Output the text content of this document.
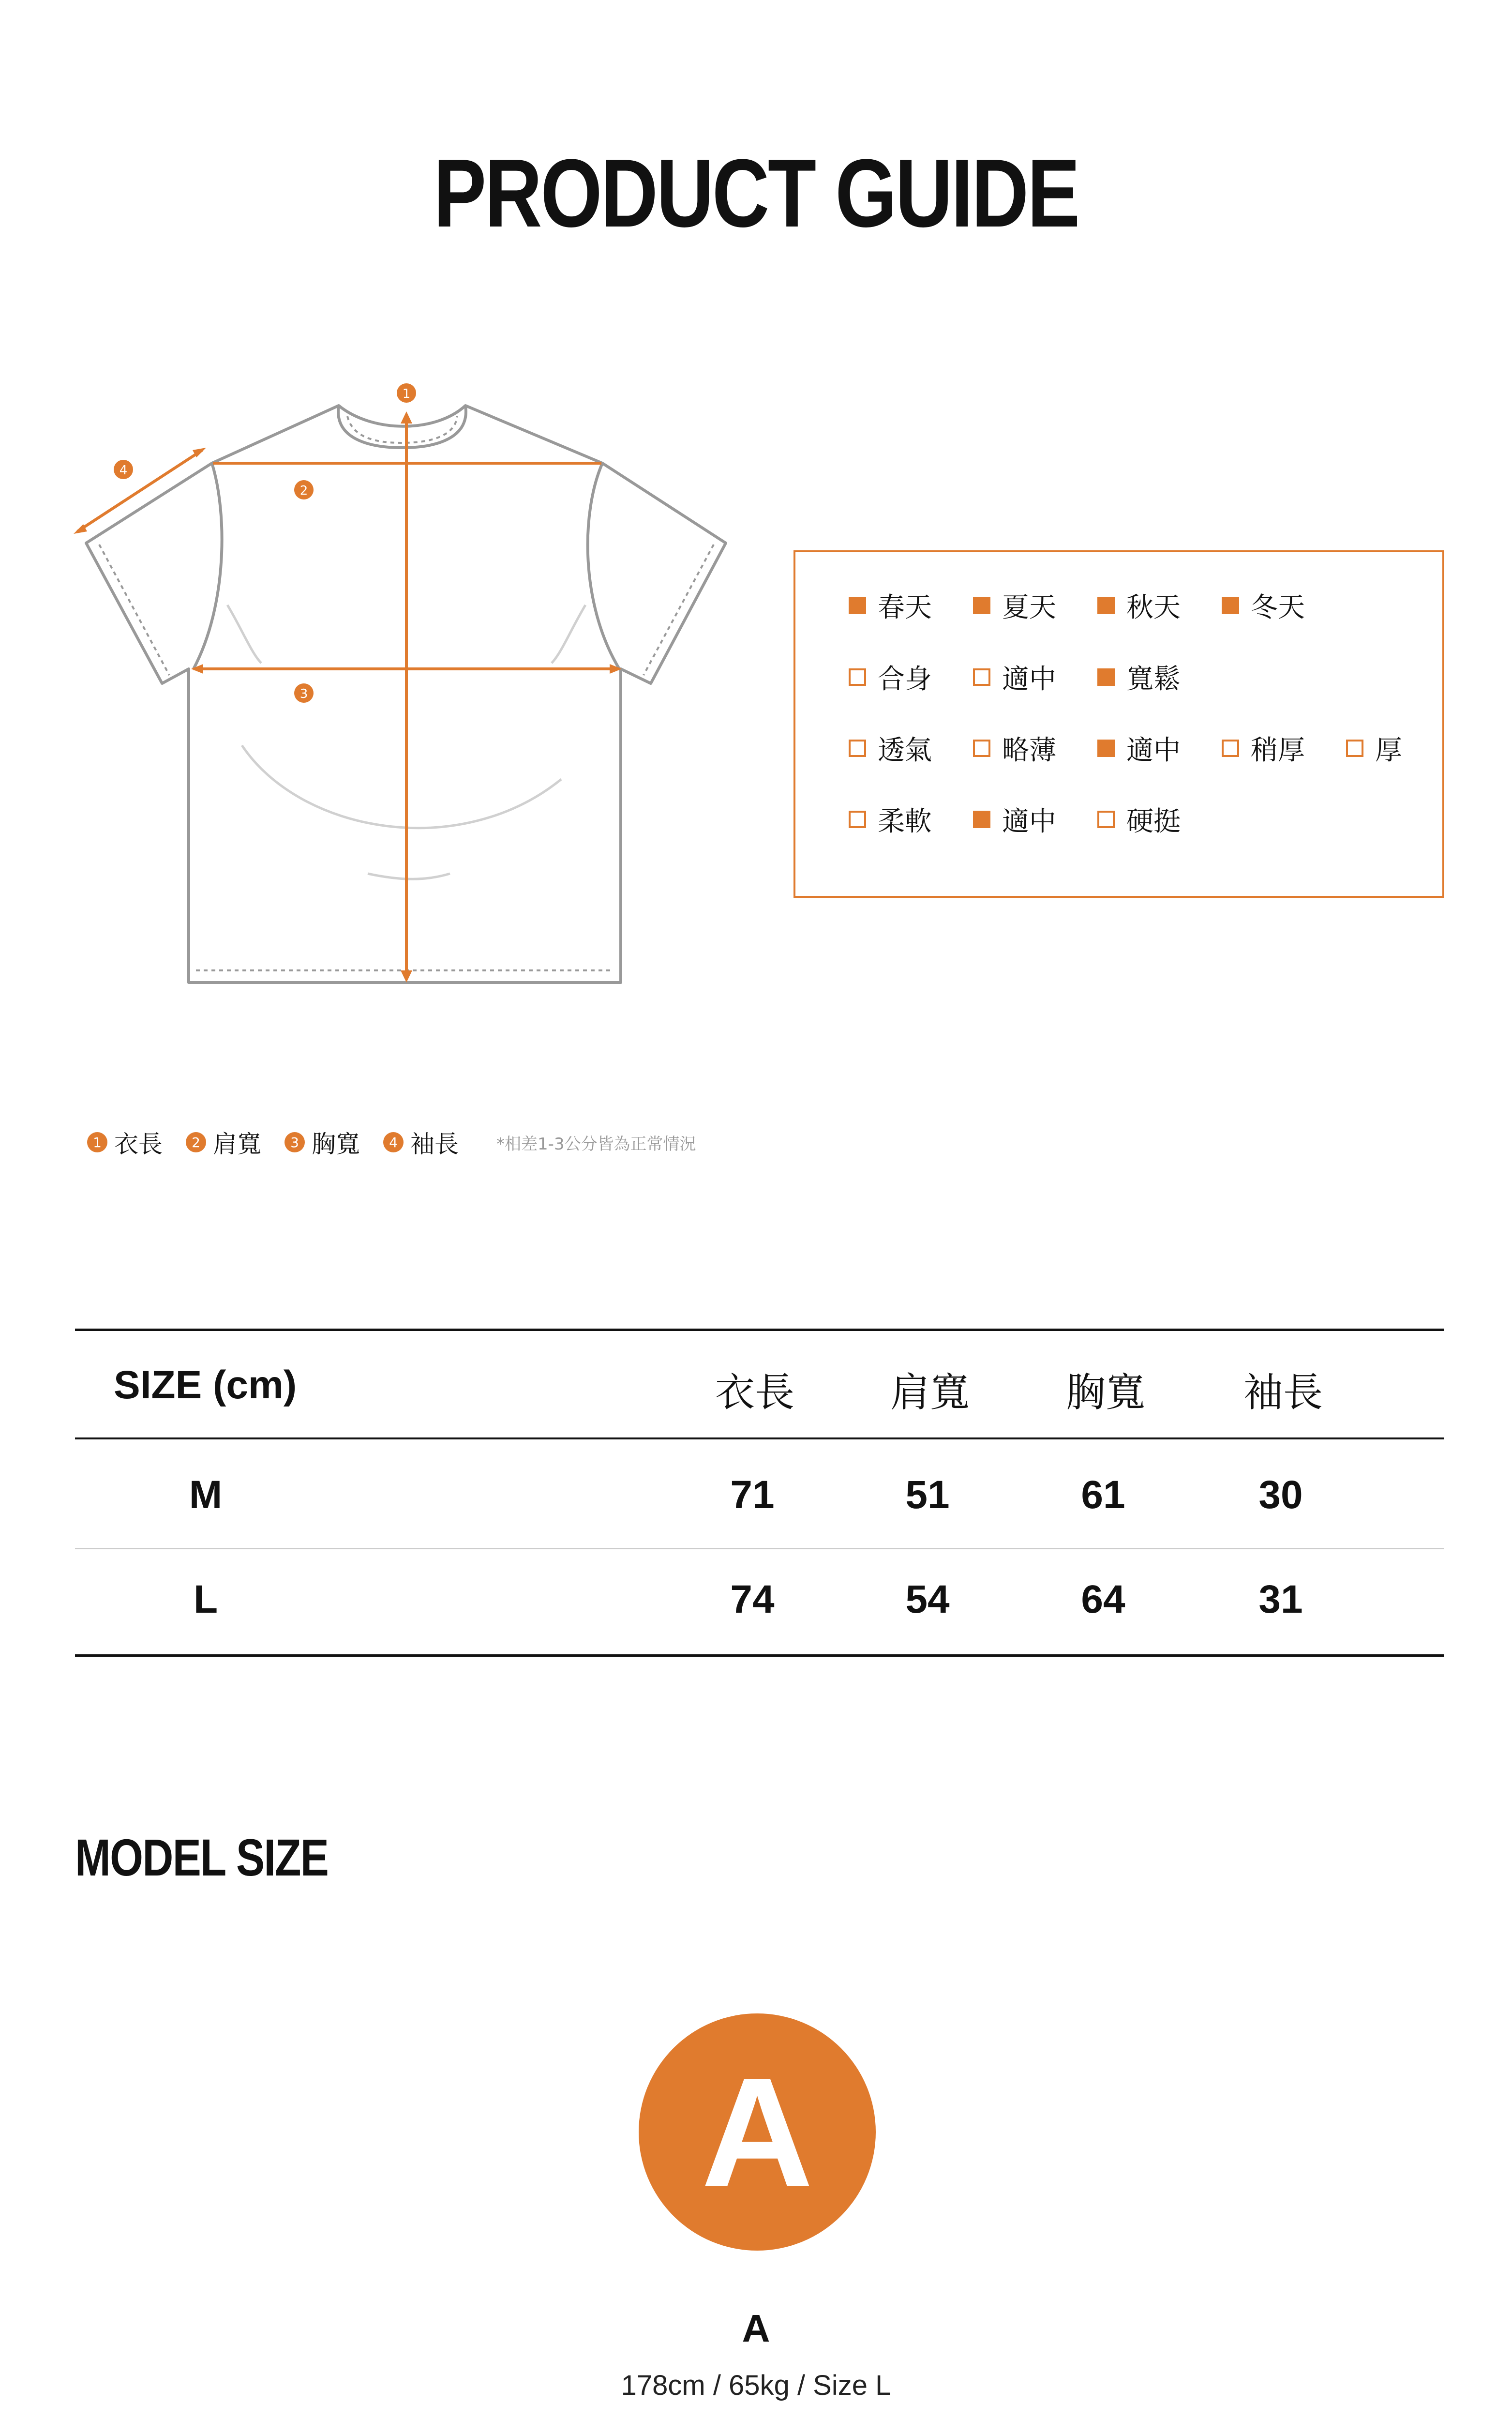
PRODUCT GUIDE
1
2
3
4
春天	夏天	秋天	冬天
合身	適中	寬鬆
透氣	略薄	適中	稍厚	厚
柔軟	適中	硬挺
1 衣長	2 肩寬	3 胸寬	4 袖長 *相差1-3公分皆為正常情況
SIZE (cm)	衣長 肩寬 胸寬 袖長
M	71	51	61	30
L	74	54	64	31
MODEL SIZE
A
A
178cm / 65kg / Size L
